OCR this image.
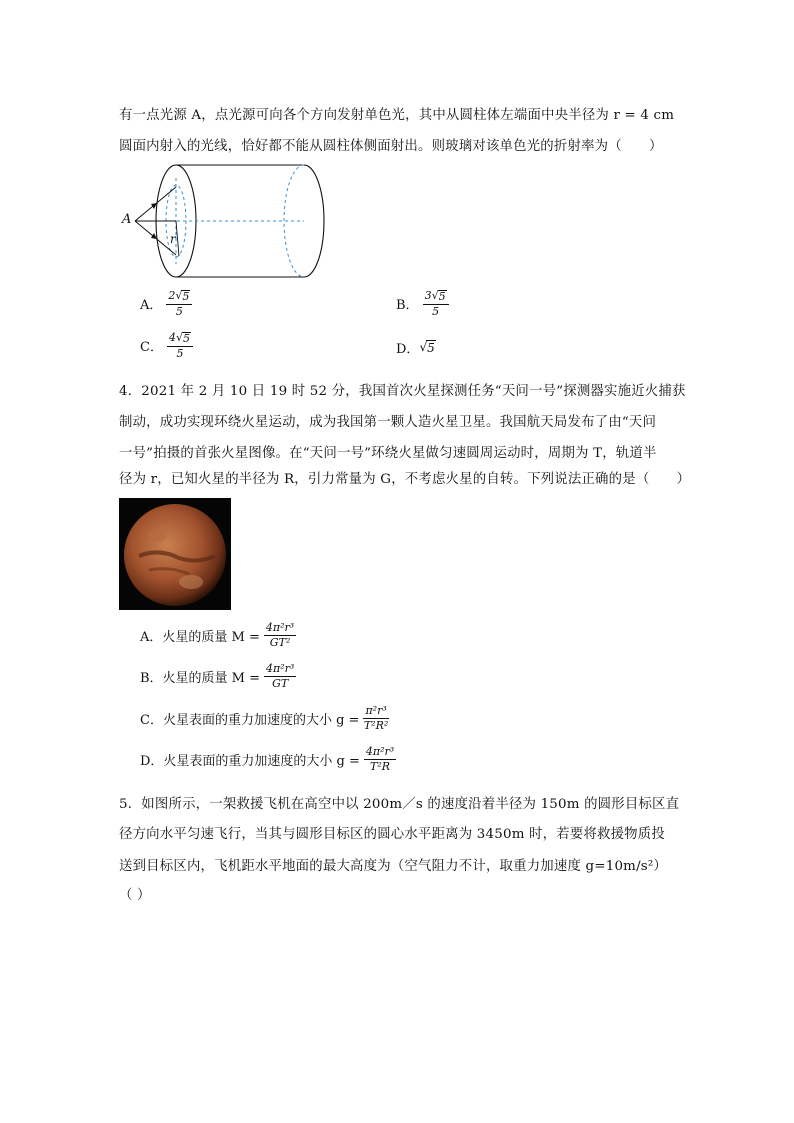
有一点光源 A，点光源可向各个方向发射单色光，其中从圆柱体左端面中央半径为 r = 4 cm
圆面内射入的光线，恰好都不能从圆柱体侧面射出。则玻璃对该单色光的折射率为（　　）
A
r
A． $\frac{2√ 5}{5}$	B． $\frac{3√ 5}{5}$
C． $\frac{4√ 5}{5}$	D． √ 5
4．2021 年 2 月 10 日 19 时 52 分，我国首次火星探测任务“天问一号”探测器实施近火捕获
制动，成功实现环绕火星运动，成为我国第一颗人造火星卫星。我国航天局发布了由“天问
一号”拍摄的首张火星图像。在“天问一号”环绕火星做匀速圆周运动时，周期为 T，轨道半
径为 r，已知火星的半径为 R，引力常量为 G，不考虑火星的自转。下列说法正确的是（　　）
A．火星的质量 $M = \frac{\text{4π²r³}}{\text{GT²}}$
B．火星的质量 $M = \frac{\text{4π²r³}}{GT}$
C．火星表面的重力加速度的大小 $g = \frac{\text{π²r³}}{\text{T²R²}}$
D．火星表面的重力加速度的大小 $g = \frac{\text{4π²r³}}{\text{T²R}}$
5．如图所示，一架救援飞机在高空中以 200m／s 的速度沿着半径为 150m 的圆形目标区直
径方向水平匀速飞行，当其与圆形目标区的圆心水平距离为 3450m 时，若要将救援物质投
送到目标区内，飞机距水平地面的最大高度为（空气阻力不计，取重力加速度 g=10m/s²）
（ ）
